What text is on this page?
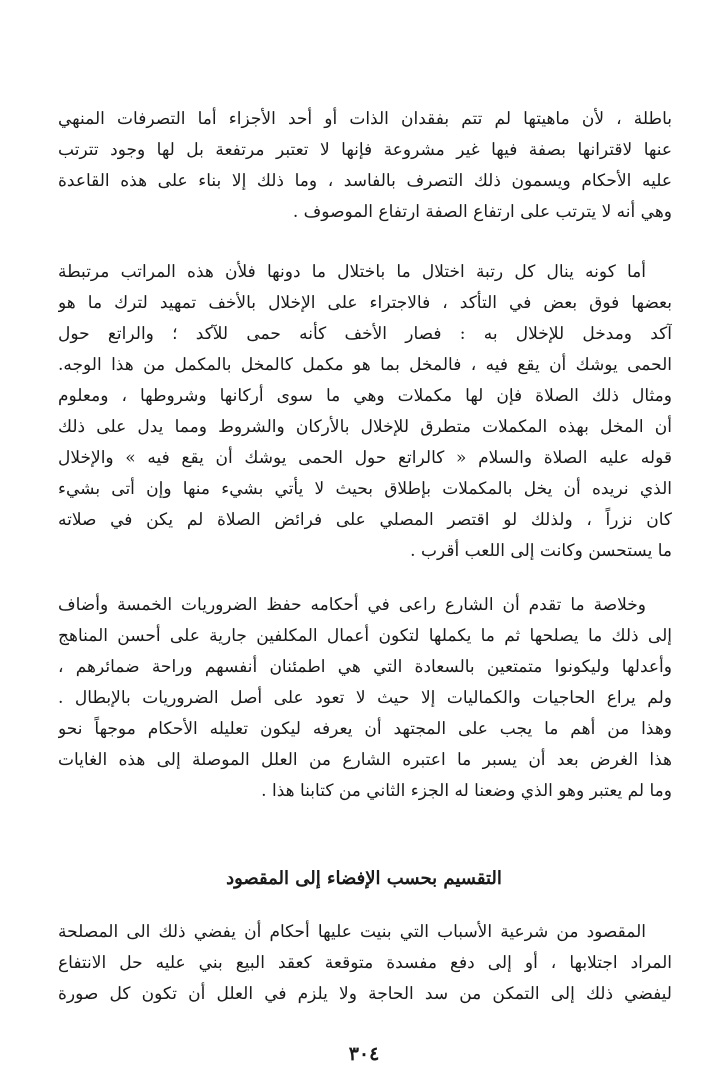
باطلة ، لأن ماهيتها لم تتم بفقدان الذات أو أحد الأجزاء أما التصرفات المنهي
عنها لاقترانها بصفة فيها غير مشروعة فإنها لا تعتبر مرتفعة بل لها وجود تترتب
عليه الأحكام ويسمون ذلك التصرف بالفاسد ، وما ذلك إلا بناء على هذه القاعدة
وهي أنه لا يترتب على ارتفاع الصفة ارتفاع الموصوف .
أما كونه ينال كل رتبة اختلال ما باختلال ما دونها فلأن هذه المراتب مرتبطة
بعضها فوق بعض في التأكد ، فالاجتراء على الإخلال بالأخف تمهيد لترك ما هو
آكد ومدخل للإخلال به : فصار الأخف كأنه حمى للآكد ؛ والراتع حول
الحمى يوشك أن يقع فيه ، فالمخل بما هو مكمل كالمخل بالمكمل من هذا الوجه.
ومثال ذلك الصلاة فإن لها مكملات وهي ما سوى أركانها وشروطها ، ومعلوم
أن المخل بهذه المكملات متطرق للإخلال بالأركان والشروط ومما يدل على ذلك
قوله عليه الصلاة والسلام « كالراتع حول الحمى يوشك أن يقع فيه » والإخلال
الذي نريده أن يخل بالمكملات بإطلاق بحيث لا يأتي بشيء منها وإن أتى بشيء
كان نزراً ، ولذلك لو اقتصر المصلي على فرائض الصلاة لم يكن في صلاته
ما يستحسن وكانت إلى اللعب أقرب .
وخلاصة ما تقدم أن الشارع راعى في أحكامه حفظ الضروريات الخمسة وأضاف
إلى ذلك ما يصلحها ثم ما يكملها لتكون أعمال المكلفين جارية على أحسن المناهج
وأعدلها وليكونوا متمتعين بالسعادة التي هي اطمئنان أنفسهم وراحة ضمائرهم ،
ولم يراع الحاجيات والكماليات إلا حيث لا تعود على أصل الضروريات بالإبطال .
وهذا من أهم ما يجب على المجتهد أن يعرفه ليكون تعليله الأحكام موجهاً نحو
هذا الغرض بعد أن يسبر ما اعتبره الشارع من العلل الموصلة إلى هذه الغايات
وما لم يعتبر وهو الذي وضعنا له الجزء الثاني من كتابنا هذا .
التقسيم بحسب الإفضاء إلى المقصود
المقصود من شرعية الأسباب التي بنيت عليها أحكام أن يفضي ذلك الى المصلحة
المراد اجتلابها ، أو إلى دفع مفسدة متوقعة كعقد البيع بني عليه حل الانتفاع
ليفضي ذلك إلى التمكن من سد الحاجة ولا يلزم في العلل أن تكون كل صورة
٣٠٤
